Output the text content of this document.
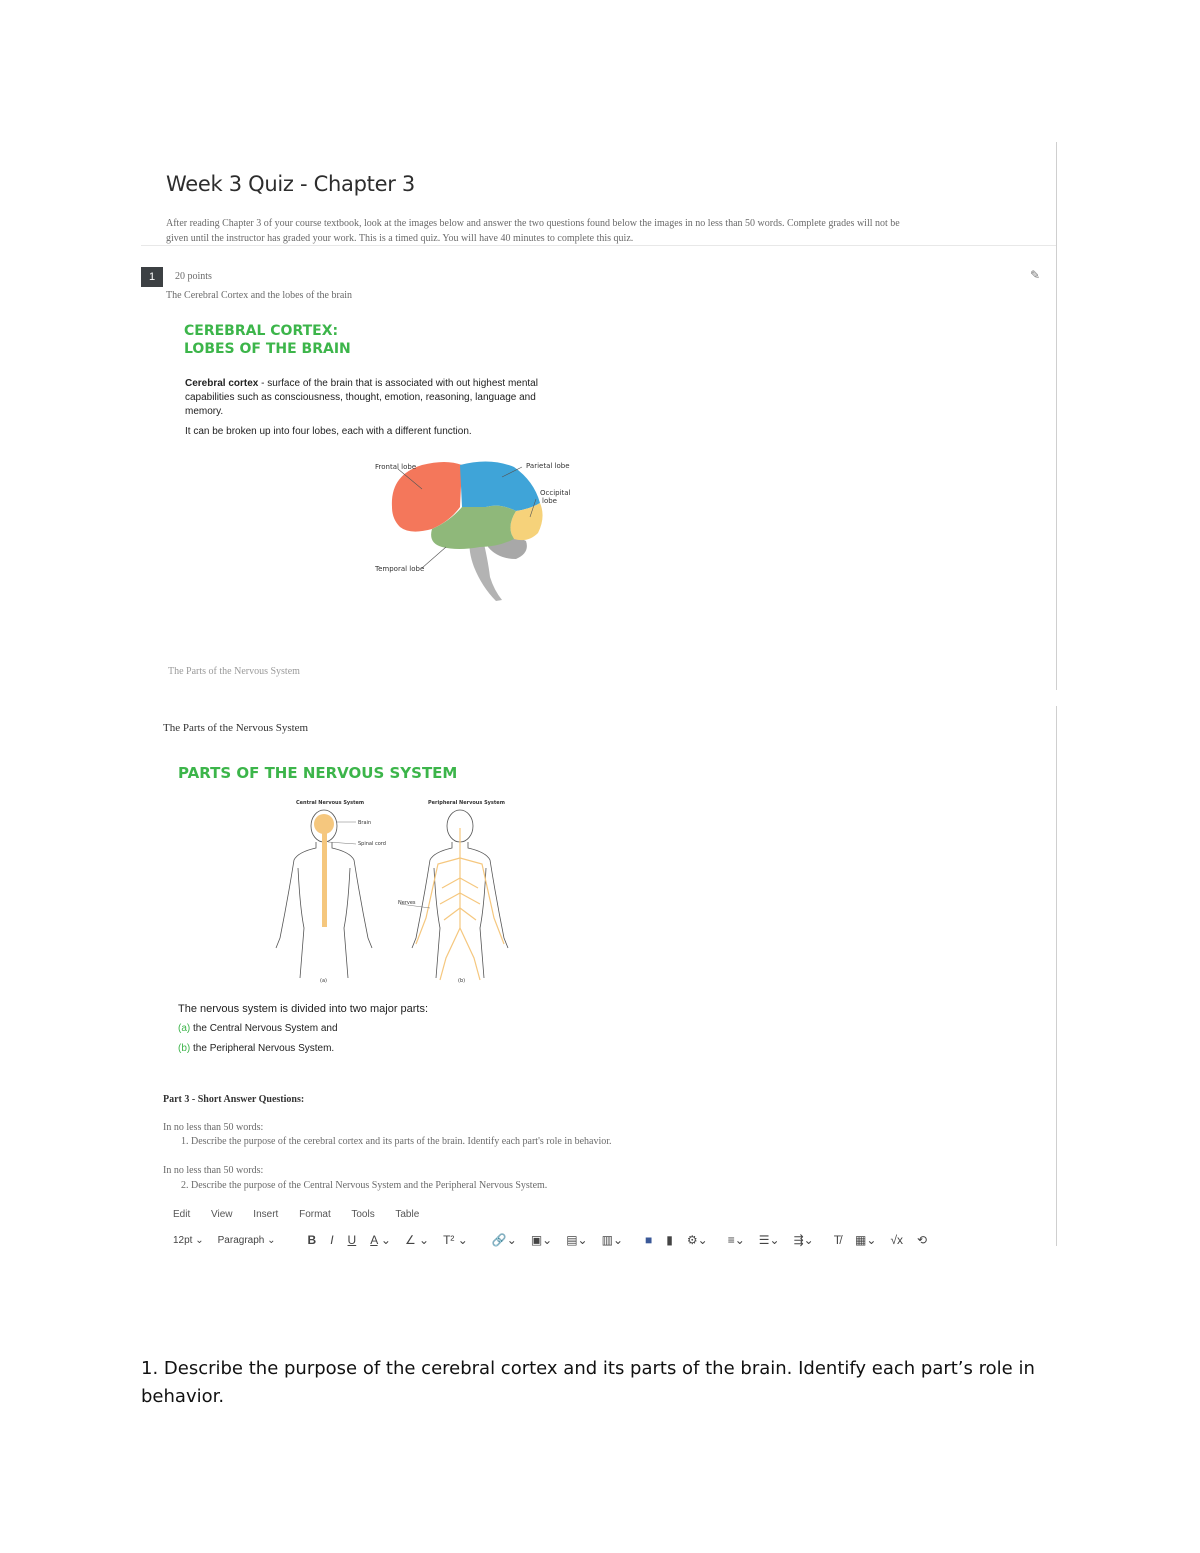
Week 3 Quiz - Chapter 3
After reading Chapter 3 of your course textbook, look at the images below and answer the two questions found below the images in no less than 50 words. Complete grades will not be
given until the instructor has graded your work. This is a timed quiz. You will have 40 minutes to complete this quiz.
1	20 points	✎
The Cerebral Cortex and the lobes of the brain
CEREBRAL CORTEX:
LOBES OF THE BRAIN
Cerebral cortex - surface of the brain that is associated with out highest mental
capabilities such as consciousness, thought, emotion, reasoning, language and
memory.
It can be broken up into four lobes, each with a different function.
Frontal lobe	Parietal lobe
Occipital
lobe
Temporal lobe
The Parts of the Nervous System
The Parts of the Nervous System
PARTS OF THE NERVOUS SYSTEM
Central Nervous System	Peripheral Nervous System
Brain
Spinal cord
Nerves
(a)	(b)
The nervous system is divided into two major parts:
(a) the Central Nervous System and
(b) the Peripheral Nervous System.
Part 3 - Short Answer Questions:
In no less than 50 words:
1. Describe the purpose of the cerebral cortex and its parts of the brain. Identify each part's role in behavior.
In no less than 50 words:
2. Describe the purpose of the Central Nervous System and the Peripheral Nervous System.
Edit View Insert Format Tools Table
12pt ⌄ Paragraph ⌄	B I U A ⌄ ∠ ⌄ T² ⌄ 🔗⌄ ▣⌄ ▤⌄ ▥⌄ ■ ▮ ⚙⌄ ≡⌄ ☰⌄ ⇶⌄ T̸ ▦⌄ √x ⟲
1. Describe the purpose of the cerebral cortex and its parts of the brain. Identify each part’s role in
behavior.
